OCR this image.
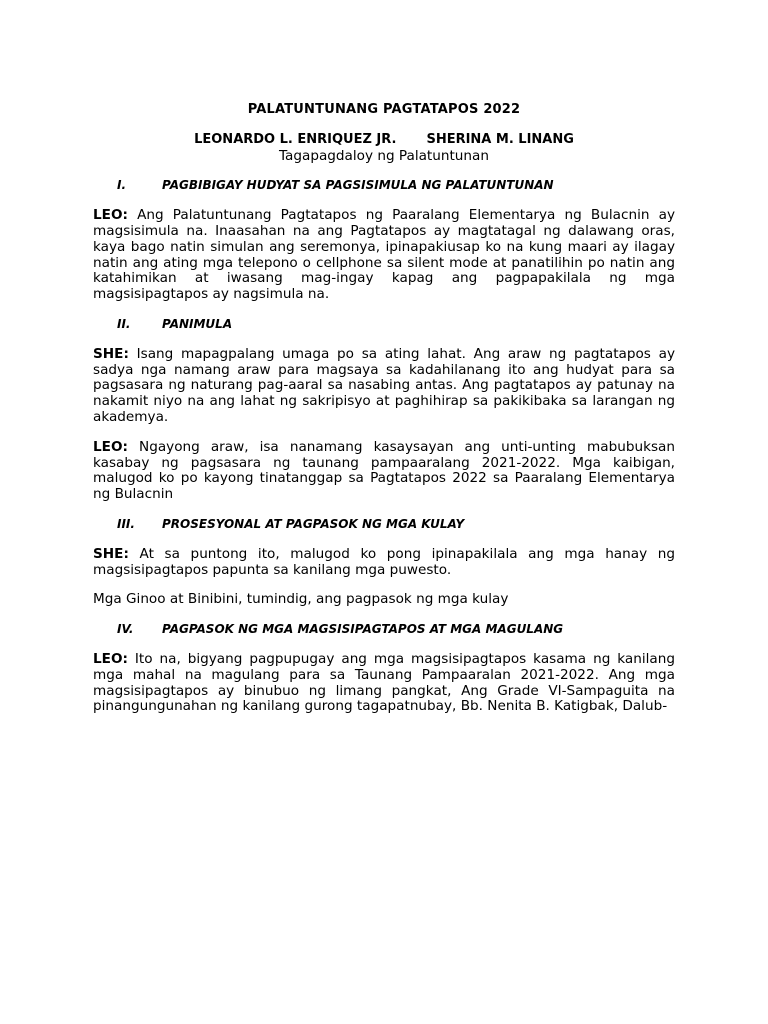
PALATUNTUNANG PAGTATAPOS 2022
LEONARDO L. ENRIQUEZ JR. SHERINA M. LINANG
Tagapagdaloy ng Palatuntunan
I.	PAGBIBIGAY HUDYAT SA PAGSISIMULA NG PALATUNTUNAN
LEO: Ang Palatuntunang Pagtatapos ng Paaralang Elementarya ng Bulacnin ay magsisimula na. Inaasahan na ang Pagtatapos ay magtatagal ng dalawang oras, kaya bago natin simulan ang seremonya, ipinapakiusap ko na kung maari ay ilagay natin ang ating mga telepono o cellphone sa silent mode at panatilihin po natin ang katahimikan at iwasang mag-ingay kapag ang pagpapakilala ng mga magsisipagtapos ay nagsimula na.
II.	PANIMULA
SHE: Isang mapagpalang umaga po sa ating lahat. Ang araw ng pagtatapos ay sadya nga namang araw para magsaya sa kadahilanang ito ang hudyat para sa pagsasara ng naturang pag-aaral sa nasabing antas. Ang pagtatapos ay patunay na nakamit niyo na ang lahat ng sakripisyo at paghihirap sa pakikibaka sa larangan ng akademya.
LEO: Ngayong araw, isa nanamang kasaysayan ang unti-unting mabubuksan kasabay ng pagsasara ng taunang pampaaralang 2021-2022. Mga kaibigan, malugod ko po kayong tinatanggap sa Pagtatapos 2022 sa Paaralang Elementarya ng Bulacnin
III.	PROSESYONAL AT PAGPASOK NG MGA KULAY
SHE: At sa puntong ito, malugod ko pong ipinapakilala ang mga hanay ng magsisipagtapos papunta sa kanilang mga puwesto.
Mga Ginoo at Binibini, tumindig, ang pagpasok ng mga kulay
IV.	PAGPASOK NG MGA MAGSISIPAGTAPOS AT MGA MAGULANG
LEO: Ito na, bigyang pagpupugay ang mga magsisipagtapos kasama ng kanilang mga mahal na magulang para sa Taunang Pampaaralan 2021-2022. Ang mga magsisipagtapos ay binubuo ng limang pangkat, Ang Grade VI-Sampaguita na pinangungunahan ng kanilang gurong tagapatnubay, Bb. Nenita B. Katigbak, Dalub-
